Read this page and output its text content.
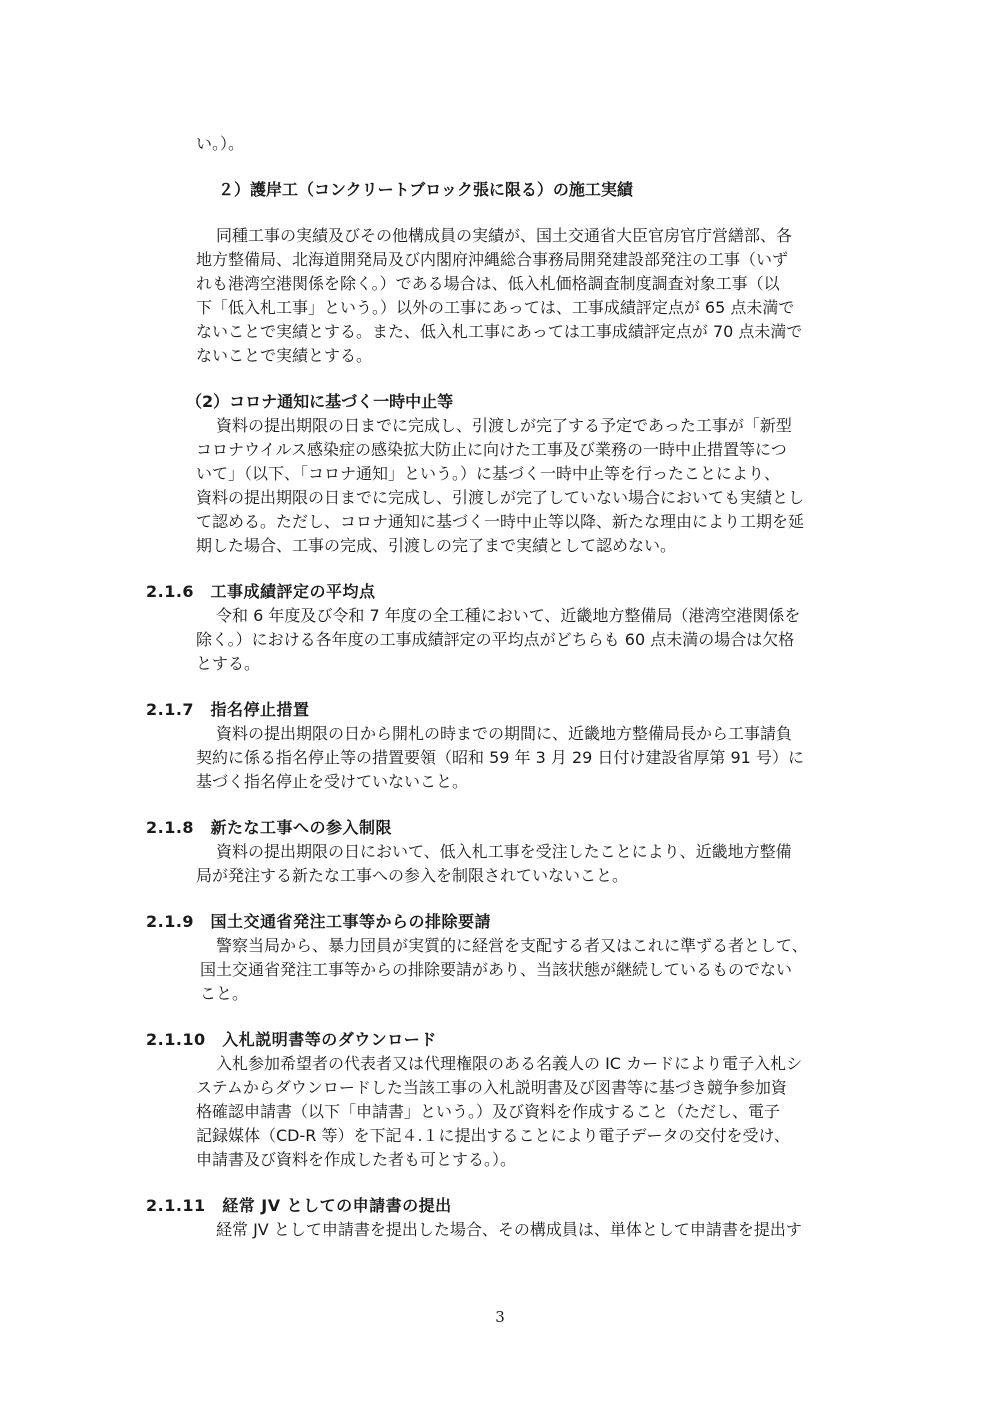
い。）。
２）護岸工（コンクリートブロック張に限る）の施工実績
同種工事の実績及びその他構成員の実績が、国土交通省大臣官房官庁営繕部、各
地方整備局、北海道開発局及び内閣府沖縄総合事務局開発建設部発注の工事（いず
れも港湾空港関係を除く。）である場合は、低入札価格調査制度調査対象工事（以
下「低入札工事」という。）以外の工事にあっては、工事成績評定点が 65 点未満で
ないことで実績とする。また、低入札工事にあっては工事成績評定点が 70 点未満で
ないことで実績とする。
（2）コロナ通知に基づく一時中止等
資料の提出期限の日までに完成し、引渡しが完了する予定であった工事が「新型
コロナウイルス感染症の感染拡大防止に向けた工事及び業務の一時中止措置等につ
いて」（以下、「コロナ通知」という。）に基づく一時中止等を行ったことにより、
資料の提出期限の日までに完成し、引渡しが完了していない場合においても実績とし
て認める。ただし、コロナ通知に基づく一時中止等以降、新たな理由により工期を延
期した場合、工事の完成、引渡しの完了まで実績として認めない。
2.1.6　工事成績評定の平均点
令和 6 年度及び令和 7 年度の全工種において、近畿地方整備局（港湾空港関係を
除く。）における各年度の工事成績評定の平均点がどちらも 60 点未満の場合は欠格
とする。
2.1.7　指名停止措置
資料の提出期限の日から開札の時までの期間に、近畿地方整備局長から工事請負
契約に係る指名停止等の措置要領（昭和 59 年 3 月 29 日付け建設省厚第 91 号）に
基づく指名停止を受けていないこと。
2.1.8　新たな工事への参入制限
資料の提出期限の日において、低入札工事を受注したことにより、近畿地方整備
局が発注する新たな工事への参入を制限されていないこと。
2.1.9　国土交通省発注工事等からの排除要請
警察当局から、暴力団員が実質的に経営を支配する者又はこれに準ずる者として、
国土交通省発注工事等からの排除要請があり、当該状態が継続しているものでない
こと。
2.1.10　入札説明書等のダウンロード
入札参加希望者の代表者又は代理権限のある名義人の IC カードにより電子入札シ
ステムからダウンロードした当該工事の入札説明書及び図書等に基づき競争参加資
格確認申請書（以下「申請書」という。）及び資料を作成すること（ただし、電子
記録媒体（CD-R 等）を下記４.１に提出することにより電子データの交付を受け、
申請書及び資料を作成した者も可とする。）。
2.1.11　経常 JV としての申請書の提出
経常 JV として申請書を提出した場合、その構成員は、単体として申請書を提出す
3
